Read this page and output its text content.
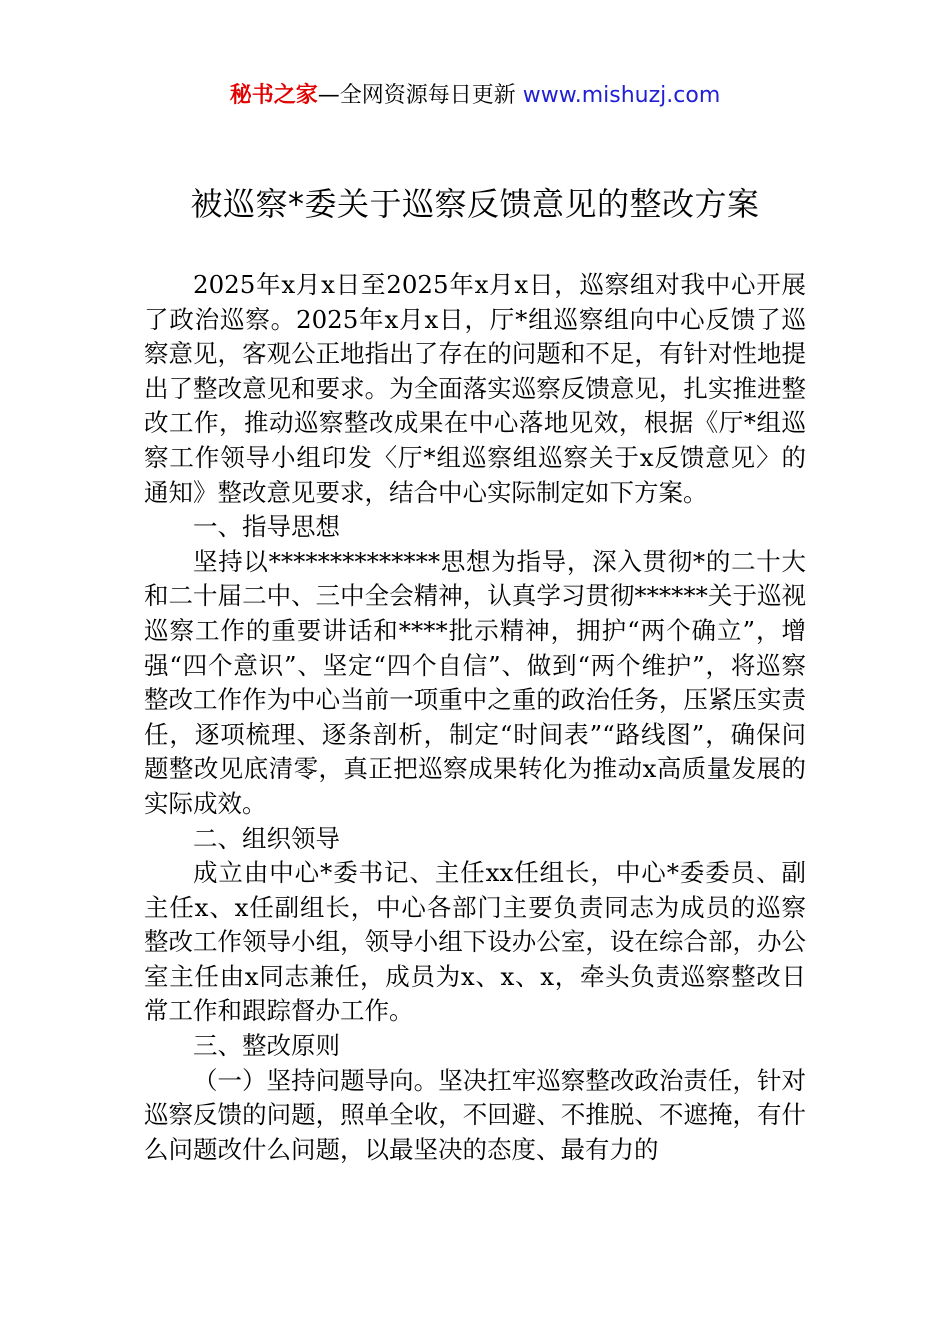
秘书之家—全网资源每日更新 www.mishuzj.com
被巡察*委关于巡察反馈意见的整改方案

2025年x月x日至2025年x月x日，巡察组对我中心开展了政治巡察。2025年x月x日，厅*组巡察组向中心反馈了巡察意见，客观公正地指出了存在的问题和不足，有针对性地提出了整改意见和要求。为全面落实巡察反馈意见，扎实推进整改工作，推动巡察整改成果在中心落地见效，根据《厅*组巡察工作领导小组印发〈厅*组巡察组巡察关于x反馈意见〉的通知》整改意见要求，结合中心实际制定如下方案。

一、指导思想

坚持以**************思想为指导，深入贯彻*的二十大和二十届二中、三中全会精神，认真学习贯彻******关于巡视巡察工作的重要讲话和****批示精神，拥护“两个确立”，增强“四个意识”、坚定“四个自信”、做到“两个维护”，将巡察整改工作作为中心当前一项重中之重的政治任务，压紧压实责任，逐项梳理、逐条剖析，制定“时间表”“路线图”，确保问题整改见底清零，真正把巡察成果转化为推动x高质量发展的实际成效。

二、组织领导

成立由中心*委书记、主任xx任组长，中心*委委员、副主任x、x任副组长，中心各部门主要负责同志为成员的巡察整改工作领导小组，领导小组下设办公室，设在综合部，办公室主任由x同志兼任，成员为x、x、x，牵头负责巡察整改日常工作和跟踪督办工作。

三、整改原则

（一）坚持问题导向。坚决扛牢巡察整改政治责任，针对巡察反馈的问题，照单全收，不回避、不推脱、不遮掩，有什么问题改什么问题，以最坚决的态度、最有力的
